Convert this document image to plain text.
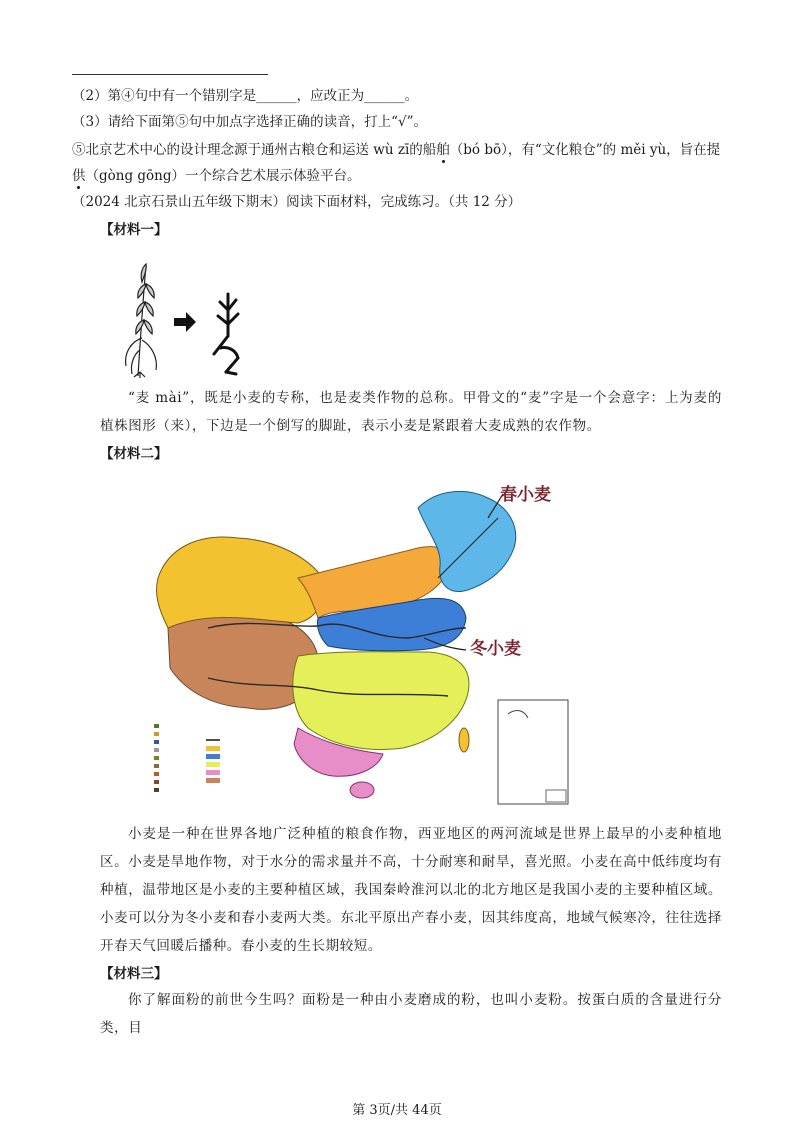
（2）第④句中有一个错别字是______，应改正为______。
（3）请给下面第⑤句中加点字选择正确的读音，打上“√”。
⑤北京艺术中心的设计理念源于通州古粮仓和运送 wù zī的船舶（bó bō），有“文化粮仓”的 měi yù，旨在提
供（gòng gōng）一个综合艺术展示体验平台。
（2024 北京石景山五年级下期末）阅读下面材料，完成练习。（共 12 分）
【材料一】
“麦 mài”，既是小麦的专称，也是麦类作物的总称。甲骨文的“麦”字是一个会意字：上为麦的植株图形（来），下边是一个倒写的脚趾，表示小麦是紧跟着大麦成熟的农作物。
【材料二】
春小麦
冬小麦
小麦是一种在世界各地广泛种植的粮食作物，西亚地区的两河流域是世界上最早的小麦种植地区。小麦是旱地作物，对于水分的需求量并不高，十分耐寒和耐旱，喜光照。小麦在高中低纬度均有种植，温带地区是小麦的主要种植区域，我国秦岭淮河以北的北方地区是我国小麦的主要种植区域。小麦可以分为冬小麦和春小麦两大类。东北平原出产春小麦，因其纬度高，地域气候寒冷，往往选择开春天气回暖后播种。春小麦的生长期较短。
【材料三】
你了解面粉的前世今生吗？面粉是一种由小麦磨成的粉，也叫小麦粉。按蛋白质的含量进行分类，目
第 3页/共 44页
